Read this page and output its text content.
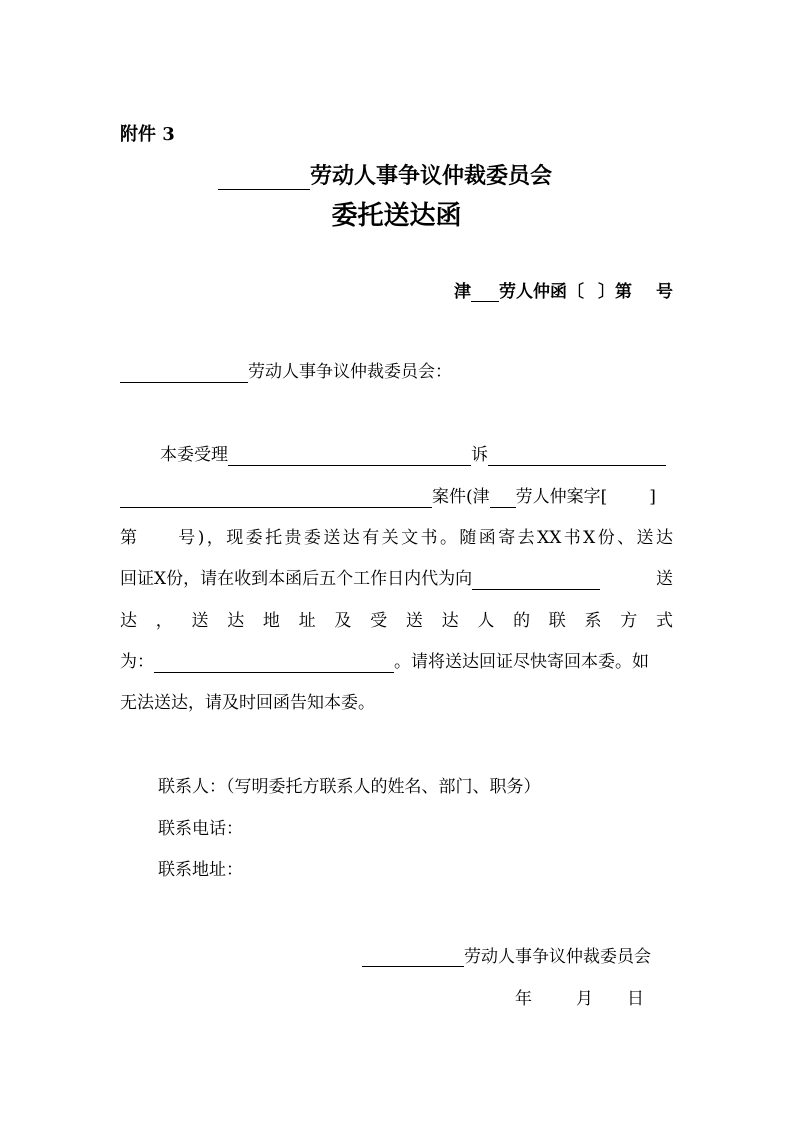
附件 3
劳动人事争议仲裁委员会
委托送达函
津 劳人仲函〔 〕第 号
劳动人事争议仲裁委员会：
本委受理	诉
案件(津 劳人仲案字[ ]
第　　号)，现委托贵委送达有关文书。随函寄去XX书X份、送达
回证X份，请在收到本函后五个工作日内代为向	送
达，送达地址及受送达人的联系方式
为：	。请将送达回证尽快寄回本委。如
无法送达，请及时回函告知本委。
联系人：（写明委托方联系人的姓名、部门、职务）
联系电话：
联系地址：
劳动人事争议仲裁委员会
年	月 日
